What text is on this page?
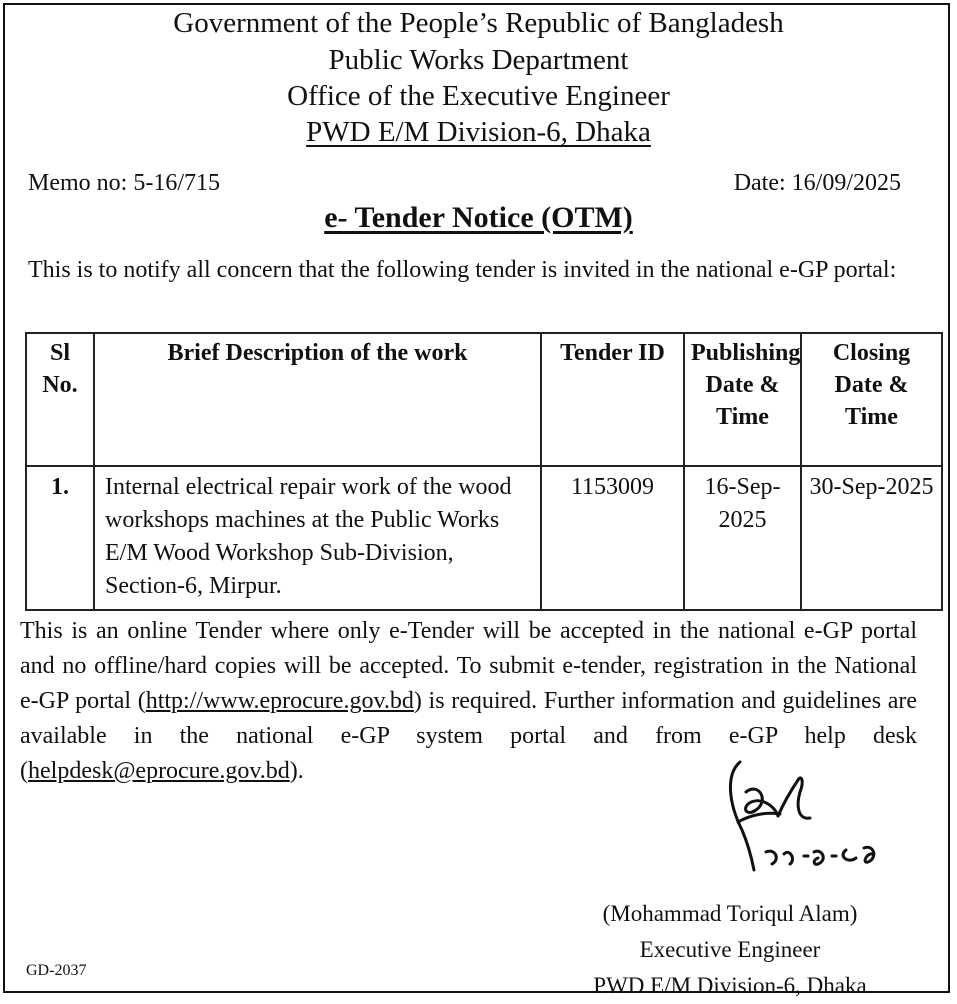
Government of the People’s Republic of Bangladesh
Public Works Department
Office of the Executive Engineer
PWD E/M Division-6, Dhaka
Memo no: 5-16/715	Date: 16/09/2025
e- Tender Notice (OTM)
This is to notify all concern that the following tender is invited in the national e-GP portal:
Sl No.	Brief Description of the work	Tender ID	Publishing Date & Time	Closing Date & Time
1.	Internal electrical repair work of the wood workshops machines at the Public Works E/M Wood Workshop Sub-Division, Section-6, Mirpur.	1153009	16-Sep-2025	30-Sep-2025
This is an online Tender where only e-Tender will be accepted in the national e-GP portal and no offline/hard copies will be accepted. To submit e-tender, registration in the National e-GP portal (http://www.eprocure.gov.bd) is required. Further information and guidelines are available in the national e-GP system portal and from e-GP help desk (helpdesk@eprocure.gov.bd).
(Mohammad Toriqul Alam)
Executive Engineer
PWD E/M Division-6, Dhaka
GD-2037
